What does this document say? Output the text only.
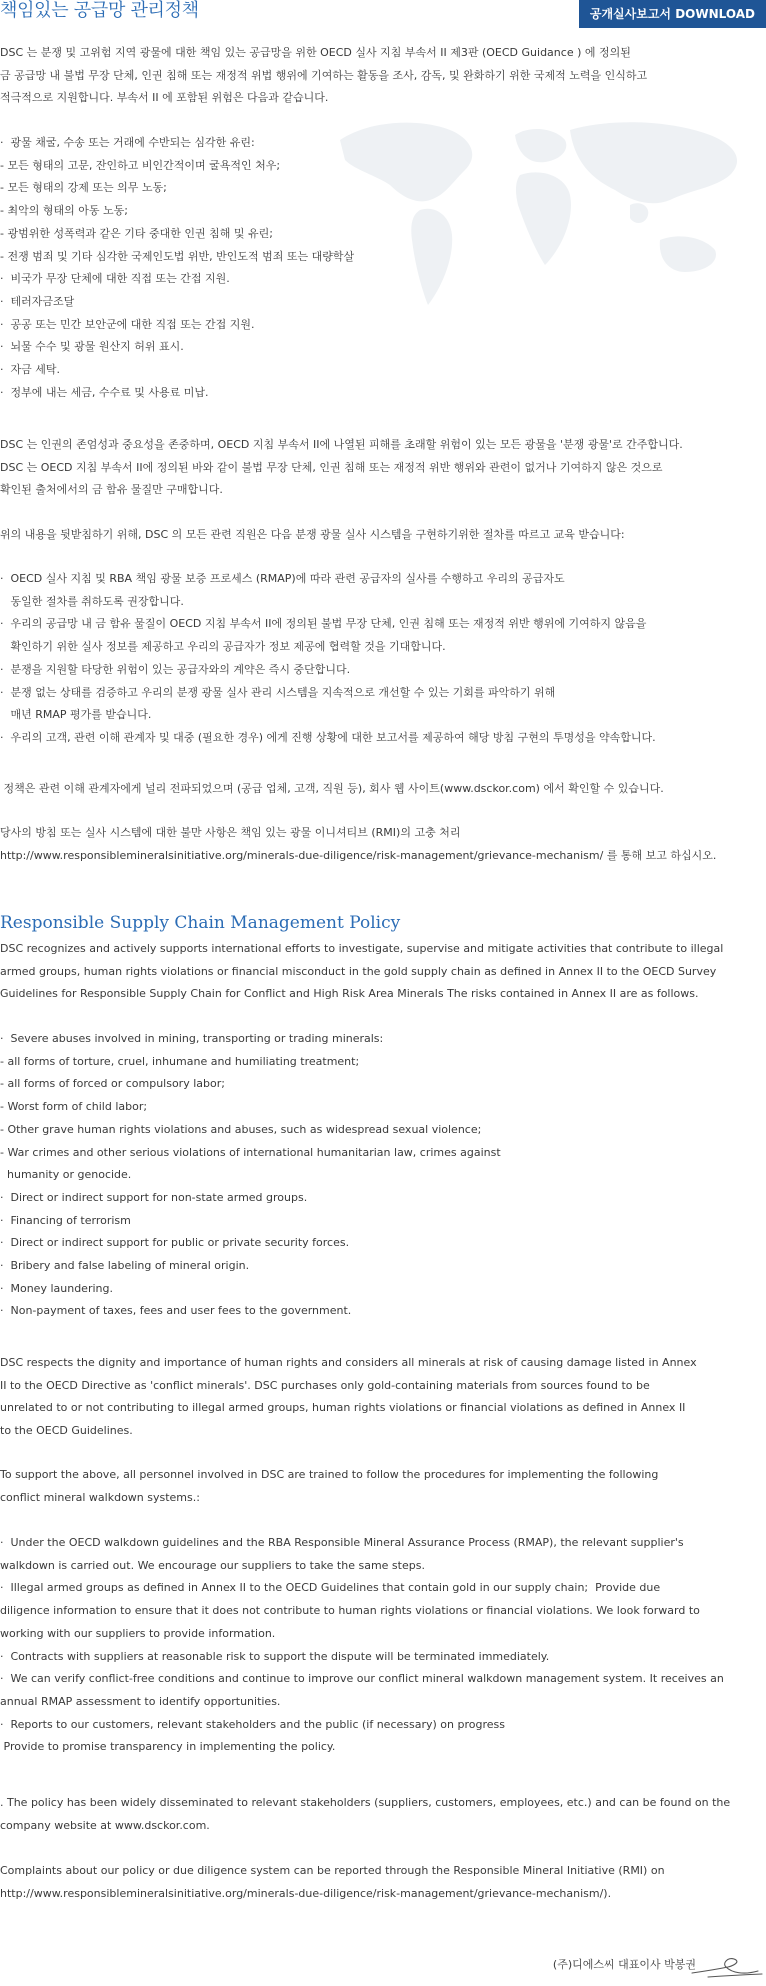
책임있는 공급망 관리정책	공개실사보고서 DOWNLOAD

DSC 는 분쟁 및 고위험 지역 광물에 대한 책임 있는 공급망을 위한 OECD 실사 지침 부속서 II 제3판 (OECD Guidance ) 에 정의된

금 공급망 내 불법 무장 단체, 인권 침해 또는 재정적 위법 행위에 기여하는 활동을 조사, 감독, 및 완화하기 위한 국제적 노력을 인식하고

적극적으로 지원합니다. 부속서 II 에 포함된 위험은 다음과 같습니다.

·  광물 채굴, 수송 또는 거래에 수반되는 심각한 유린:

- 모든 형태의 고문, 잔인하고 비인간적이며 굴욕적인 처우;

- 모든 형태의 강제 또는 의무 노동;

- 최악의 형태의 아동 노동;

- 광범위한 성폭력과 같은 기타 중대한 인권 침해 및 유린;

- 전쟁 범죄 및 기타 심각한 국제인도법 위반, 반인도적 범죄 또는 대량학살

·  비국가 무장 단체에 대한 직접 또는 간접 지원.

·  테러자금조달

·  공공 또는 민간 보안군에 대한 직접 또는 간접 지원.

·  뇌물 수수 및 광물 원산지 허위 표시.

·  자금 세탁.

·  정부에 내는 세금, 수수료 및 사용료 미납.

DSC 는 인권의 존엄성과 중요성을 존중하며, OECD 지침 부속서 II에 나열된 피해를 초래할 위험이 있는 모든 광물을 '분쟁 광물'로 간주합니다.

DSC 는 OECD 지침 부속서 II에 정의된 바와 같이 불법 무장 단체, 인권 침해 또는 재정적 위반 행위와 관련이 없거나 기여하지 않은 것으로

확인된 출처에서의 금 함유 물질만 구매합니다.

위의 내용을 뒷받침하기 위해, DSC 의 모든 관련 직원은 다음 분쟁 광물 실사 시스템을 구현하기위한 절차를 따르고 교육 받습니다:

·  OECD 실사 지침 및 RBA 책임 광물 보증 프로세스 (RMAP)에 따라 관련 공급자의 실사를 수행하고 우리의 공급자도

동일한 절차를 취하도록 권장합니다.

·  우리의 공급망 내 금 함유 물질이 OECD 지침 부속서 II에 정의된 불법 무장 단체, 인권 침해 또는 재정적 위반 행위에 기여하지 않음을

확인하기 위한 실사 정보를 제공하고 우리의 공급자가 정보 제공에 협력할 것을 기대합니다.

·  분쟁을 지원할 타당한 위험이 있는 공급자와의 계약은 즉시 중단합니다.

·  분쟁 없는 상태를 검증하고 우리의 분쟁 광물 실사 관리 시스템을 지속적으로 개선할 수 있는 기회를 파악하기 위해

매년 RMAP 평가를 받습니다.

·  우리의 고객, 관련 이해 관계자 및 대중 (필요한 경우) 에게 진행 상황에 대한 보고서를 제공하여 해당 방침 구현의 투명성을 약속합니다.

정책은 관련 이해 관계자에게 널리 전파되었으며 (공급 업체, 고객, 직원 등), 회사 웹 사이트(www.dsckor.com) 에서 확인할 수 있습니다.

당사의 방침 또는 실사 시스템에 대한 불만 사항은 책임 있는 광물 이니셔티브 (RMI)의 고충 처리

http://www.responsiblemineralsinitiative.org/minerals-due-diligence/risk-management/grievance-mechanism/ 를 통해 보고 하십시오.

Responsible Supply Chain Management Policy

DSC recognizes and actively supports international efforts to investigate, supervise and mitigate activities that contribute to illegal

armed groups, human rights violations or financial misconduct in the gold supply chain as defined in Annex II to the OECD Survey

Guidelines for Responsible Supply Chain for Conflict and High Risk Area Minerals The risks contained in Annex II are as follows.

·  Severe abuses involved in mining, transporting or trading minerals:

- all forms of torture, cruel, inhumane and humiliating treatment;

- all forms of forced or compulsory labor;

- Worst form of child labor;

- Other grave human rights violations and abuses, such as widespread sexual violence;

- War crimes and other serious violations of international humanitarian law, crimes against

humanity or genocide.

·  Direct or indirect support for non-state armed groups.

·  Financing of terrorism

·  Direct or indirect support for public or private security forces.

·  Bribery and false labeling of mineral origin.

·  Money laundering.

·  Non-payment of taxes, fees and user fees to the government.

DSC respects the dignity and importance of human rights and considers all minerals at risk of causing damage listed in Annex

II to the OECD Directive as 'conflict minerals'. DSC purchases only gold-containing materials from sources found to be

unrelated to or not contributing to illegal armed groups, human rights violations or financial violations as defined in Annex II

to the OECD Guidelines.

To support the above, all personnel involved in DSC are trained to follow the procedures for implementing the following

conflict mineral walkdown systems.:

·  Under the OECD walkdown guidelines and the RBA Responsible Mineral Assurance Process (RMAP), the relevant supplier's

walkdown is carried out. We encourage our suppliers to take the same steps.

·  Illegal armed groups as defined in Annex II to the OECD Guidelines that contain gold in our supply chain;  Provide due

diligence information to ensure that it does not contribute to human rights violations or financial violations. We look forward to

working with our suppliers to provide information.

·  Contracts with suppliers at reasonable risk to support the dispute will be terminated immediately.

·  We can verify conflict-free conditions and continue to improve our conflict mineral walkdown management system. It receives an

annual RMAP assessment to identify opportunities.

·  Reports to our customers, relevant stakeholders and the public (if necessary) on progress

Provide to promise transparency in implementing the policy.

. The policy has been widely disseminated to relevant stakeholders (suppliers, customers, employees, etc.) and can be found on the

company website at www.dsckor.com.

Complaints about our policy or due diligence system can be reported through the Responsible Mineral Initiative (RMI) on

http://www.responsiblemineralsinitiative.org/minerals-due-diligence/risk-management/grievance-mechanism/).

(주)디에스씨 대표이사 박봉권
